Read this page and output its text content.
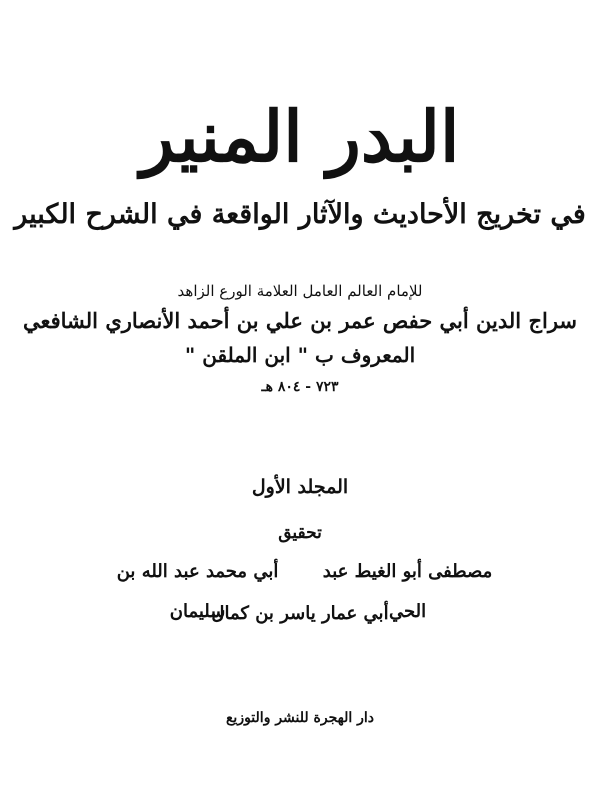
البدر المنير
في تخريج الأحاديث والآثار الواقعة في الشرح الكبير
للإمام العالم العامل العلامة الورع الزاهد
سراج الدين أبي حفص عمر بن علي بن أحمد الأنصاري الشافعي
المعروف ب " ابن الملقن "
٧٢٣ - ٨٠٤ هـ
المجلد الأول
تحقيق
مصطفى أبو الغيط عبد الحي
أبي محمد عبد الله بن سليمان
أبي عمار ياسر بن كمال
دار الهجرة للنشر والتوزيع
